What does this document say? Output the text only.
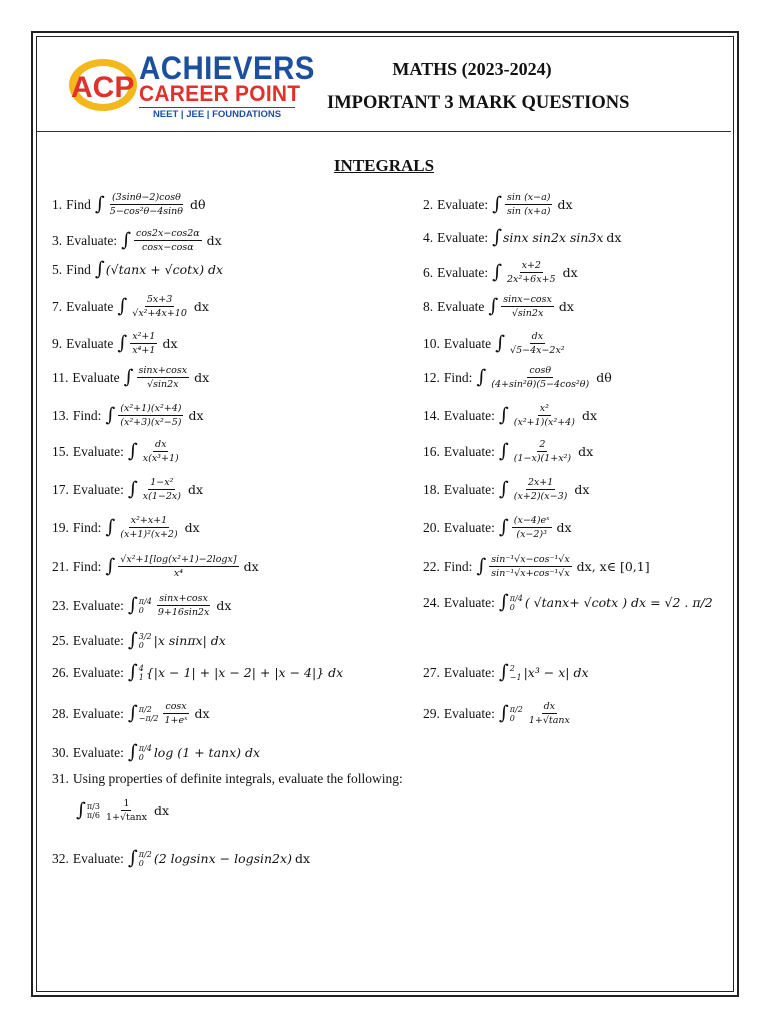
ACP
ACHIEVERS
CAREER POINT
NEET | JEE | FOUNDATIONS
MATHS (2023-2024)
IMPORTANT 3 MARK QUESTIONS
INTEGRALS
1. Find ∫ $\frac{(3\sin\theta-2)\cos\theta}{\text{5−cos²θ−4sinθ}}$ dθ	2. Evaluate: ∫ $\frac{\sin (x-a)}{\sin (x+a)}$ dx
3. Evaluate: ∫ $\frac{\cos 2x-\cos 2\alpha}{\cos x-\cos\alpha}$ dx	4. Evaluate: ∫ sinx sin2x sin3x dx
5. Find ∫ (√tanx + √cotx) dx	6. Evaluate: ∫ $\frac{x+2}{\text{2x²+6x+5}}$ dx
7. Evaluate ∫ $\frac{5x+3}{\text{√x²+4x+10}}$ dx	8. Evaluate ∫ $\frac{\sin x-\cos x}{√\sin 2x}$ dx
9. Evaluate ∫ $\frac{\text{x²+1}}{\text{x⁴+1}}$ dx	10. Evaluate ∫ $\frac{dx}{\text{√5−4x−2x²}}$
11. Evaluate ∫ $\frac{\sin x+\cos x}{√\sin 2x}$ dx	12. Find: ∫ $\frac{\cos\theta}{\text{(4+sin²θ)(5−4cos²θ)}}$ dθ
13. Find: ∫ $\frac{\text{(x²+1)(x²+4)}}{\text{(x²+3)(x²−5)}}$ dx	14. Evaluate: ∫ $\frac{\text{x²}}{\text{(x²+1)(x²+4)}}$ dx
15. Evaluate: ∫ $\frac{dx}{\text{x(x³+1)}}$	16. Evaluate: ∫ $\frac{2}{\text{(1−x)(1+x²)}}$ dx
17. Evaluate: ∫ $\frac{\text{1−x²}}{x(1-2x)}$ dx	18. Evaluate: ∫ $\frac{2x+1}{(x+2)(x-3)}$ dx
19. Find: ∫ $\frac{\text{x²+x+1}}{\text{(x+1)²(x+2)}}$ dx	20. Evaluate: ∫ $\frac{\text{(x−4)eˣ}}{\text{(x−2)³}}$ dx
21. Find: ∫ $\frac{\text{√x²+1[log(x²+1)−2logx]}}{\text{x⁴}}$ dx	22. Find: ∫ $\frac{\text{sin⁻¹√x−cos⁻¹√x}}{\text{sin⁻¹√x+cos⁻¹√x}}$ dx, x∈ [0,1]
23. Evaluate: ∫ π/4
0	$\frac{\sin x+\cos x}{9+16\sin 2x}$ dx	24. Evaluate: ∫ π/4
0 ( √tanx+ √cotx ) dx = √2 . π/2
25. Evaluate: ∫ 3/2
0 |x sinπx| dx
26. Evaluate: ∫ 4
1 {|x − 1| + |x − 2| + |x − 4|} dx	27. Evaluate: ∫ 2
−1 |x³ − x| dx
28. Evaluate: ∫ π/2
$-\pi/2 \frac{\cos x}{\text{1+eˣ}}$ dx	29. Evaluate: ∫ π/2
0	$\frac{dx}{1+√\tan x}$
30. Evaluate: ∫ π/4
0 log (1 + tanx) dx
31. Using properties of definite integrals, evaluate the following:
∫ π/3
$\pi/6 \frac{1}{1+√\tan x}$ dx
32. Evaluate: ∫ π/2
0 (2 logsinx − logsin2x) dx
